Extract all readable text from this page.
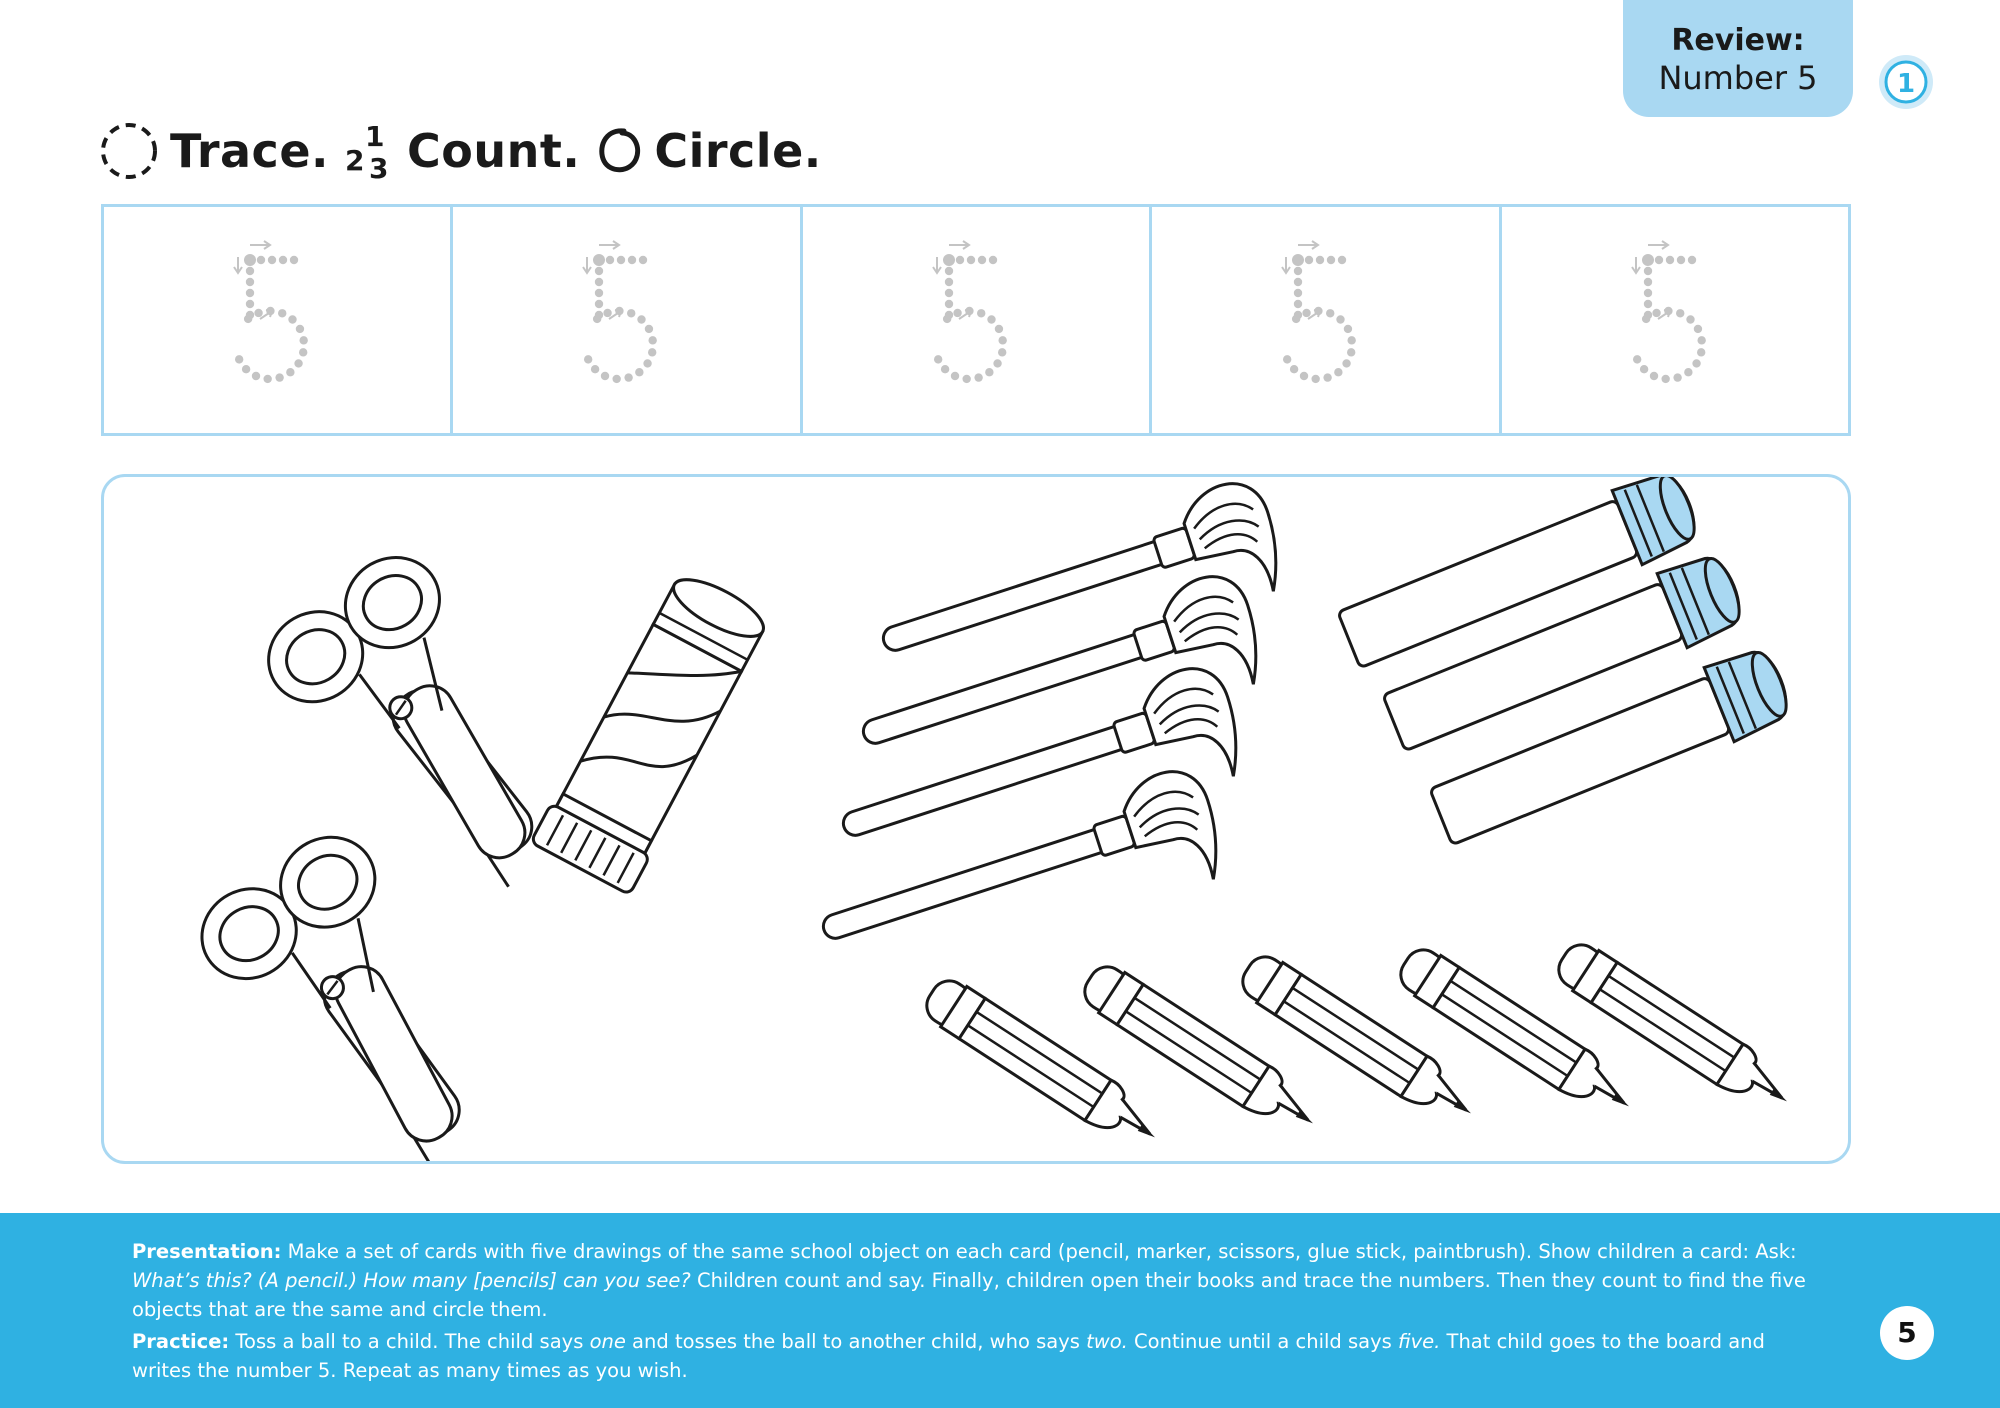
Review:
Number 5	1
Trace. 1
2 3 Count. Circle.

Presentation: Make a set of cards with five drawings of the same school object on each card (pencil, marker, scissors, glue stick, paintbrush). Show children a card: Ask: What’s this? (A pencil.) How many [pencils] can you see? Children count and say. Finally, children open their books and trace the numbers. Then they count to find the five objects that are the same and circle them.

Practice: Toss a ball to a child. The child says one and tosses the ball to another child, who says two. Continue until a child says five. That child goes to the board and writes the number 5. Repeat as many times as you wish.

5
